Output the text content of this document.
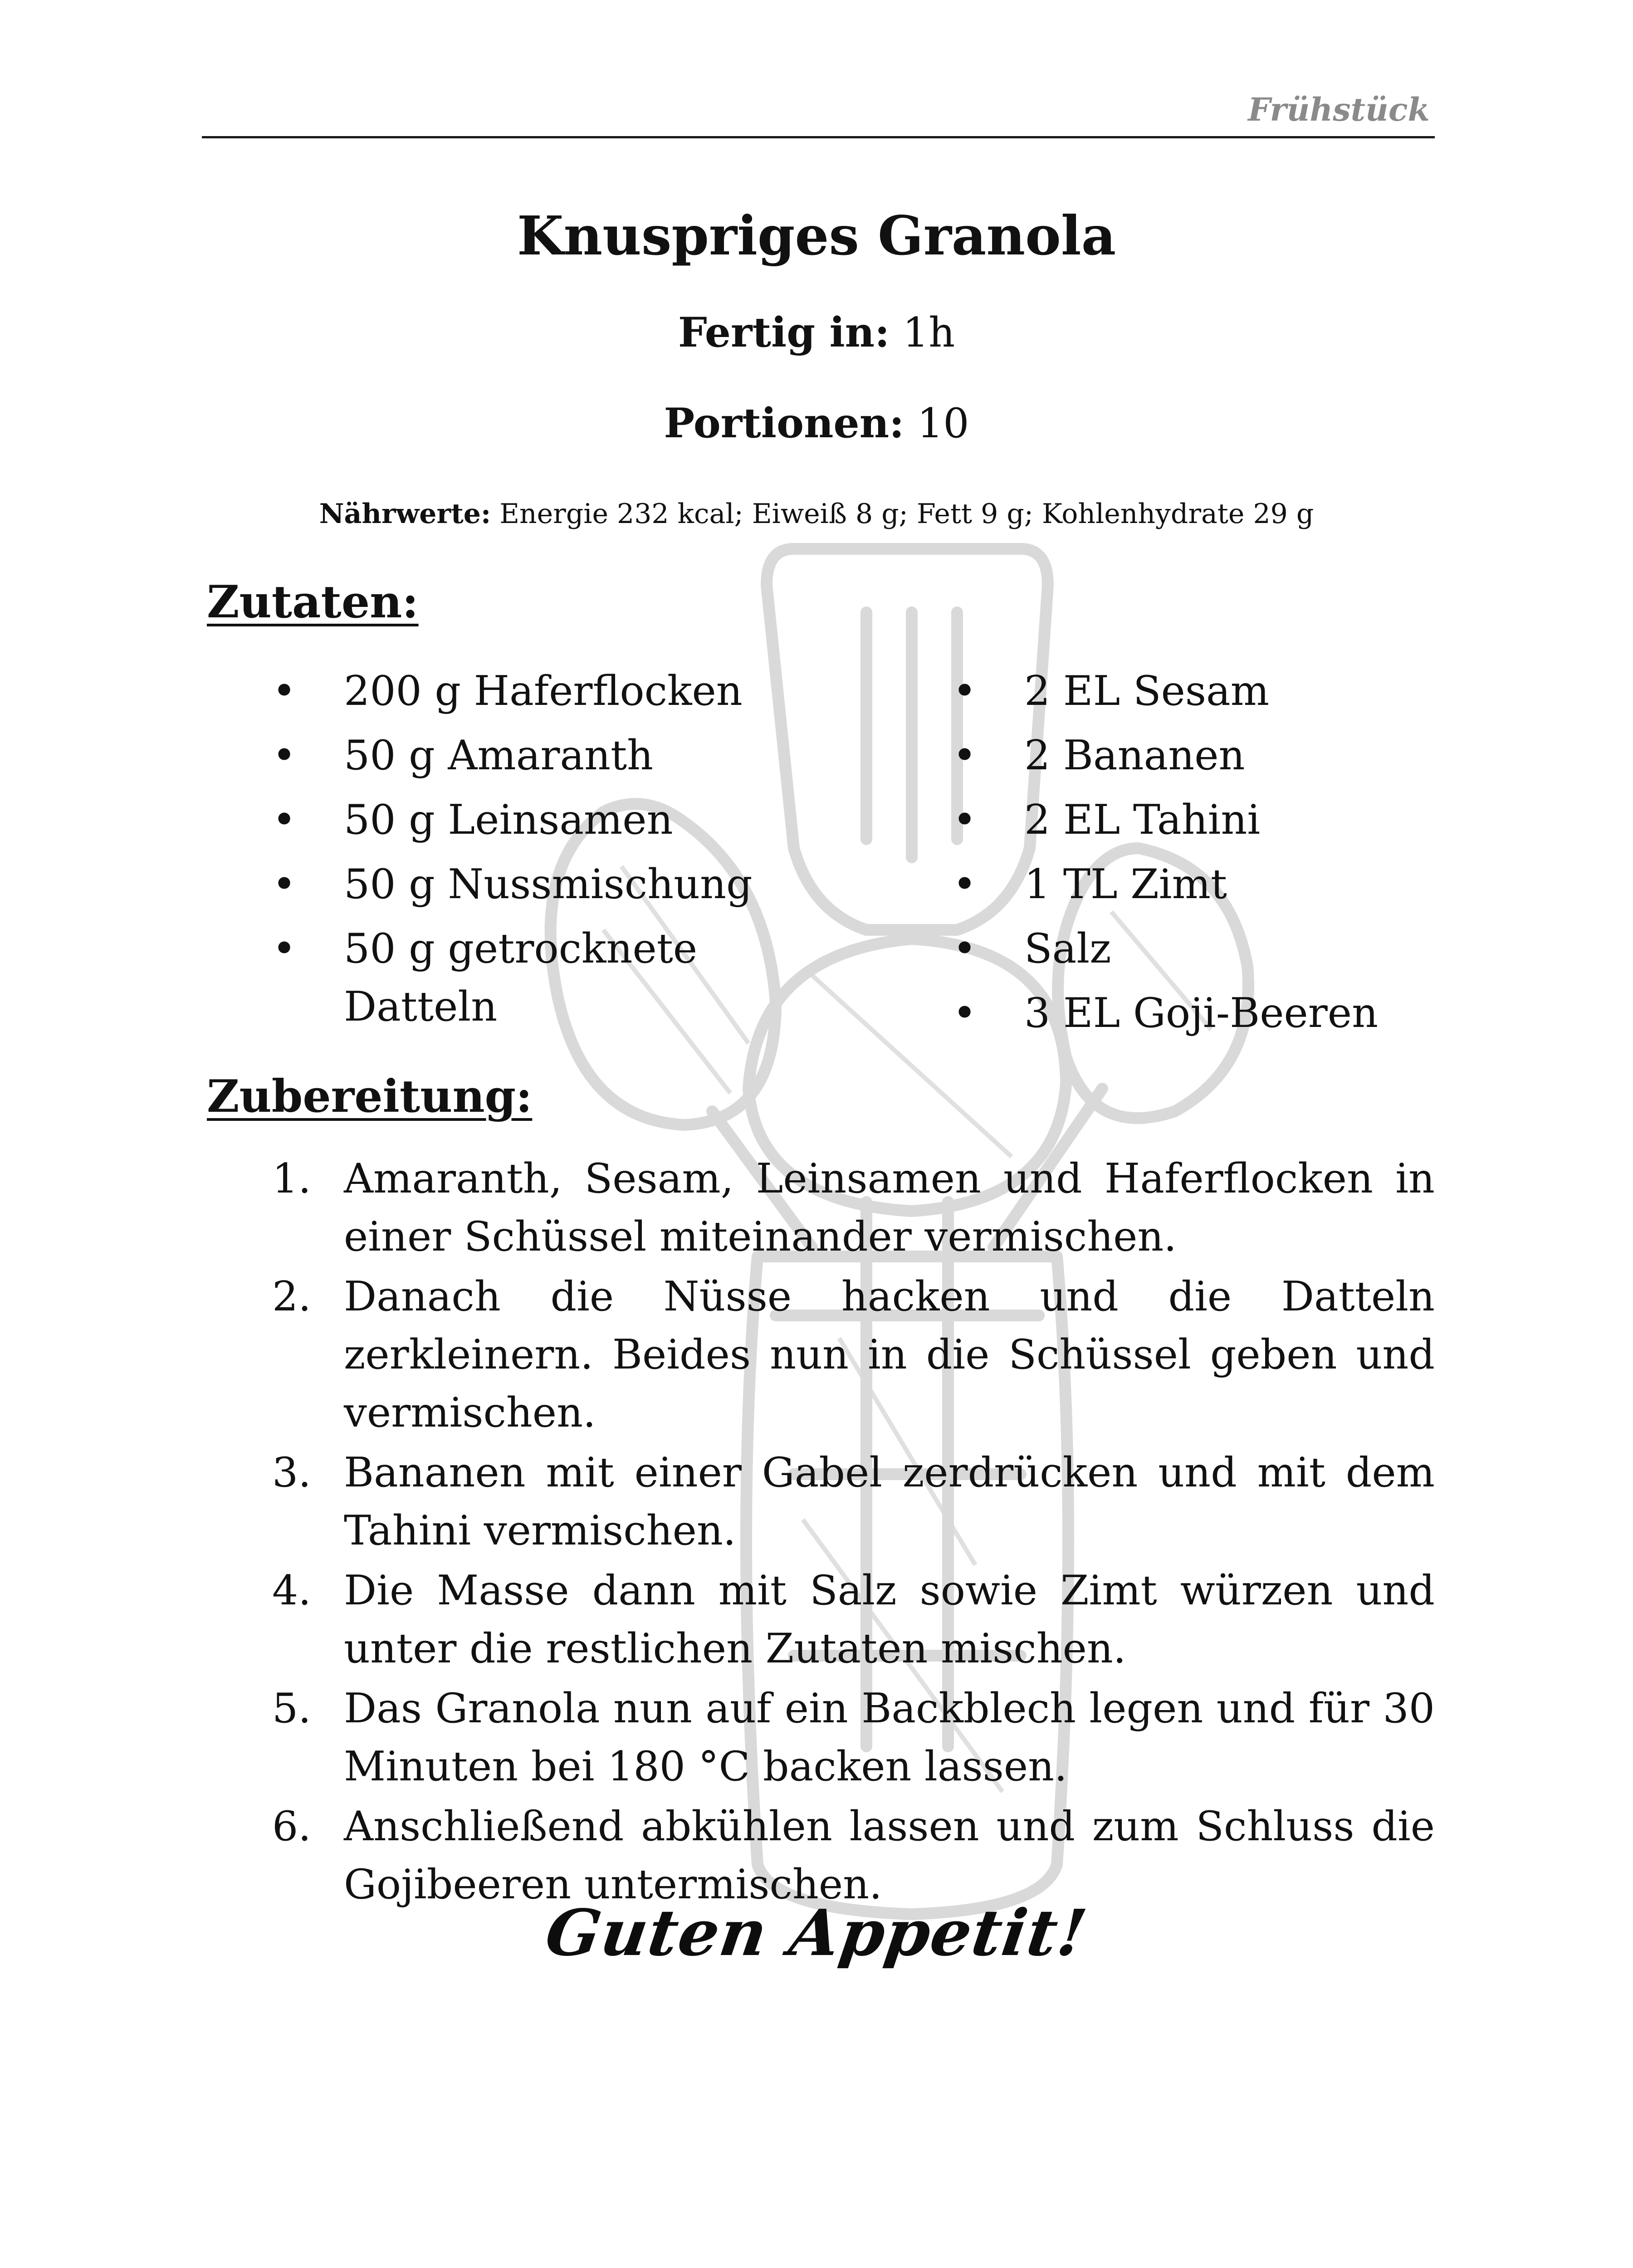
Frühstück
Knuspriges Granola
Fertig in: 1h
Portionen: 10
Nährwerte: Energie 232 kcal; Eiweiß 8 g; Fett 9 g; Kohlenhydrate 29 g
Zutaten:
• 200 g Haferflocken
• 50 g Amaranth
• 50 g Leinsamen
• 50 g Nussmischung
• 50 g getrocknete Datteln
• 2 EL Sesam
• 2 Bananen
• 2 EL Tahini
• 1 TL Zimt
• Salz
• 3 EL Goji-Beeren
Zubereitung:
1. Amaranth, Sesam, Leinsamen und Haferflocken in einer Schüssel miteinander vermischen.
2. Danach die Nüsse hacken und die Datteln zerkleinern. Beides nun in die Schüssel geben und vermischen.
3. Bananen mit einer Gabel zerdrücken und mit dem Tahini vermischen.
4. Die Masse dann mit Salz sowie Zimt würzen und unter die restlichen Zutaten mischen.
5. Das Granola nun auf ein Backblech legen und für 30 Minuten bei 180 °C backen lassen.
6. Anschließend abkühlen lassen und zum Schluss die Gojibeeren untermischen.
Guten Appetit!
